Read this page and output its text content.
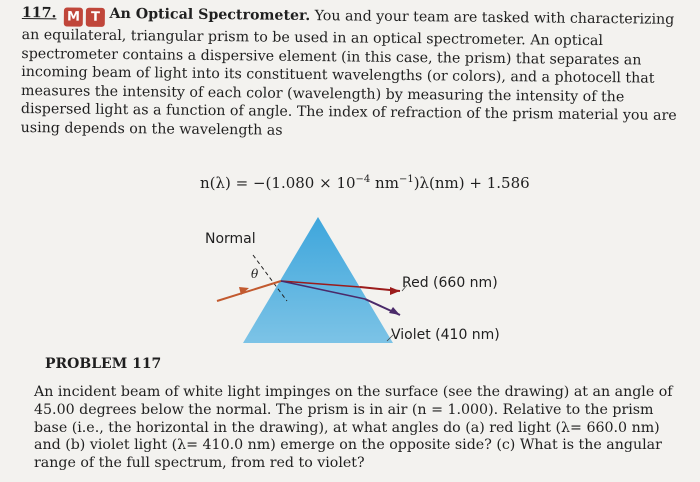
117. M T An Optical Spectrometer. You and your team are tasked with characterizing an equilateral, triangular prism to be used in an optical spectrometer. An optical spectrometer contains a dispersive element (in this case, the prism) that separates an incoming beam of light into its constituent wavelengths (or colors), and a photocell that measures the intensity of each color (wavelength) by measuring the intensity of the dispersed light as a function of angle. The index of refraction of the prism material you are using depends on the wavelength as
$n(\lambda) = -(1.080 \times 10^{-4}$ $nm^{-1})\lambda(nm) + 1.586$
Normal
θ
Red (660 nm)
Violet (410 nm)
PROBLEM 117
An incident beam of white light impinges on the surface (see the drawing) at an angle of 45.00 degrees below the normal. The prism is in air (n = 1.000). Relative to the prism base (i.e., the horizontal in the drawing), at what angles do (a) red light (λ= 660.0 nm) and (b) violet light (λ= 410.0 nm) emerge on the opposite side? (c) What is the angular range of the full spectrum, from red to violet?
